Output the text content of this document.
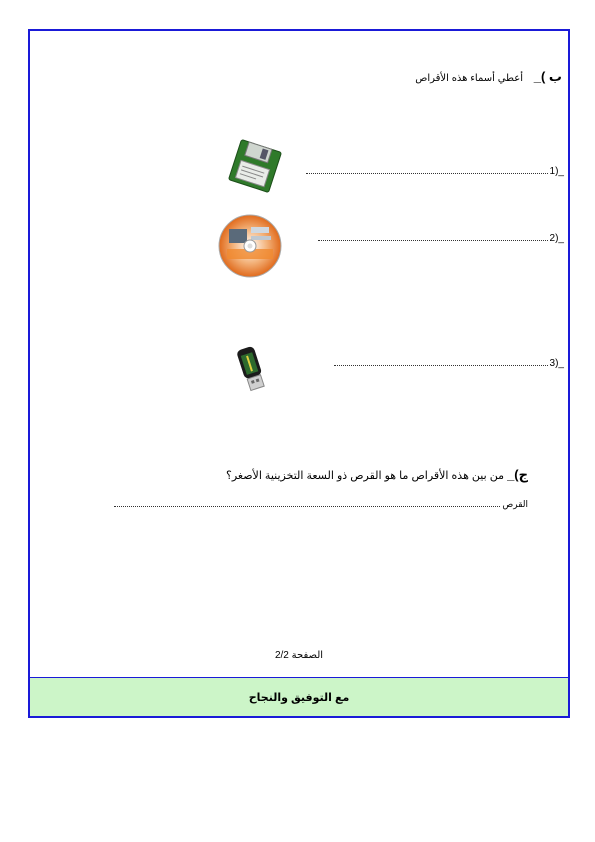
ب )_ أعطي أسماء هذه الأقراص
_(1
_(2
_(3
ج)_ من بين هذه الأقراص ما هو القرص ذو السعة التخزينية الأصغر؟
القرص
الصفحة 2/2
مع التوفيق والنجاح
